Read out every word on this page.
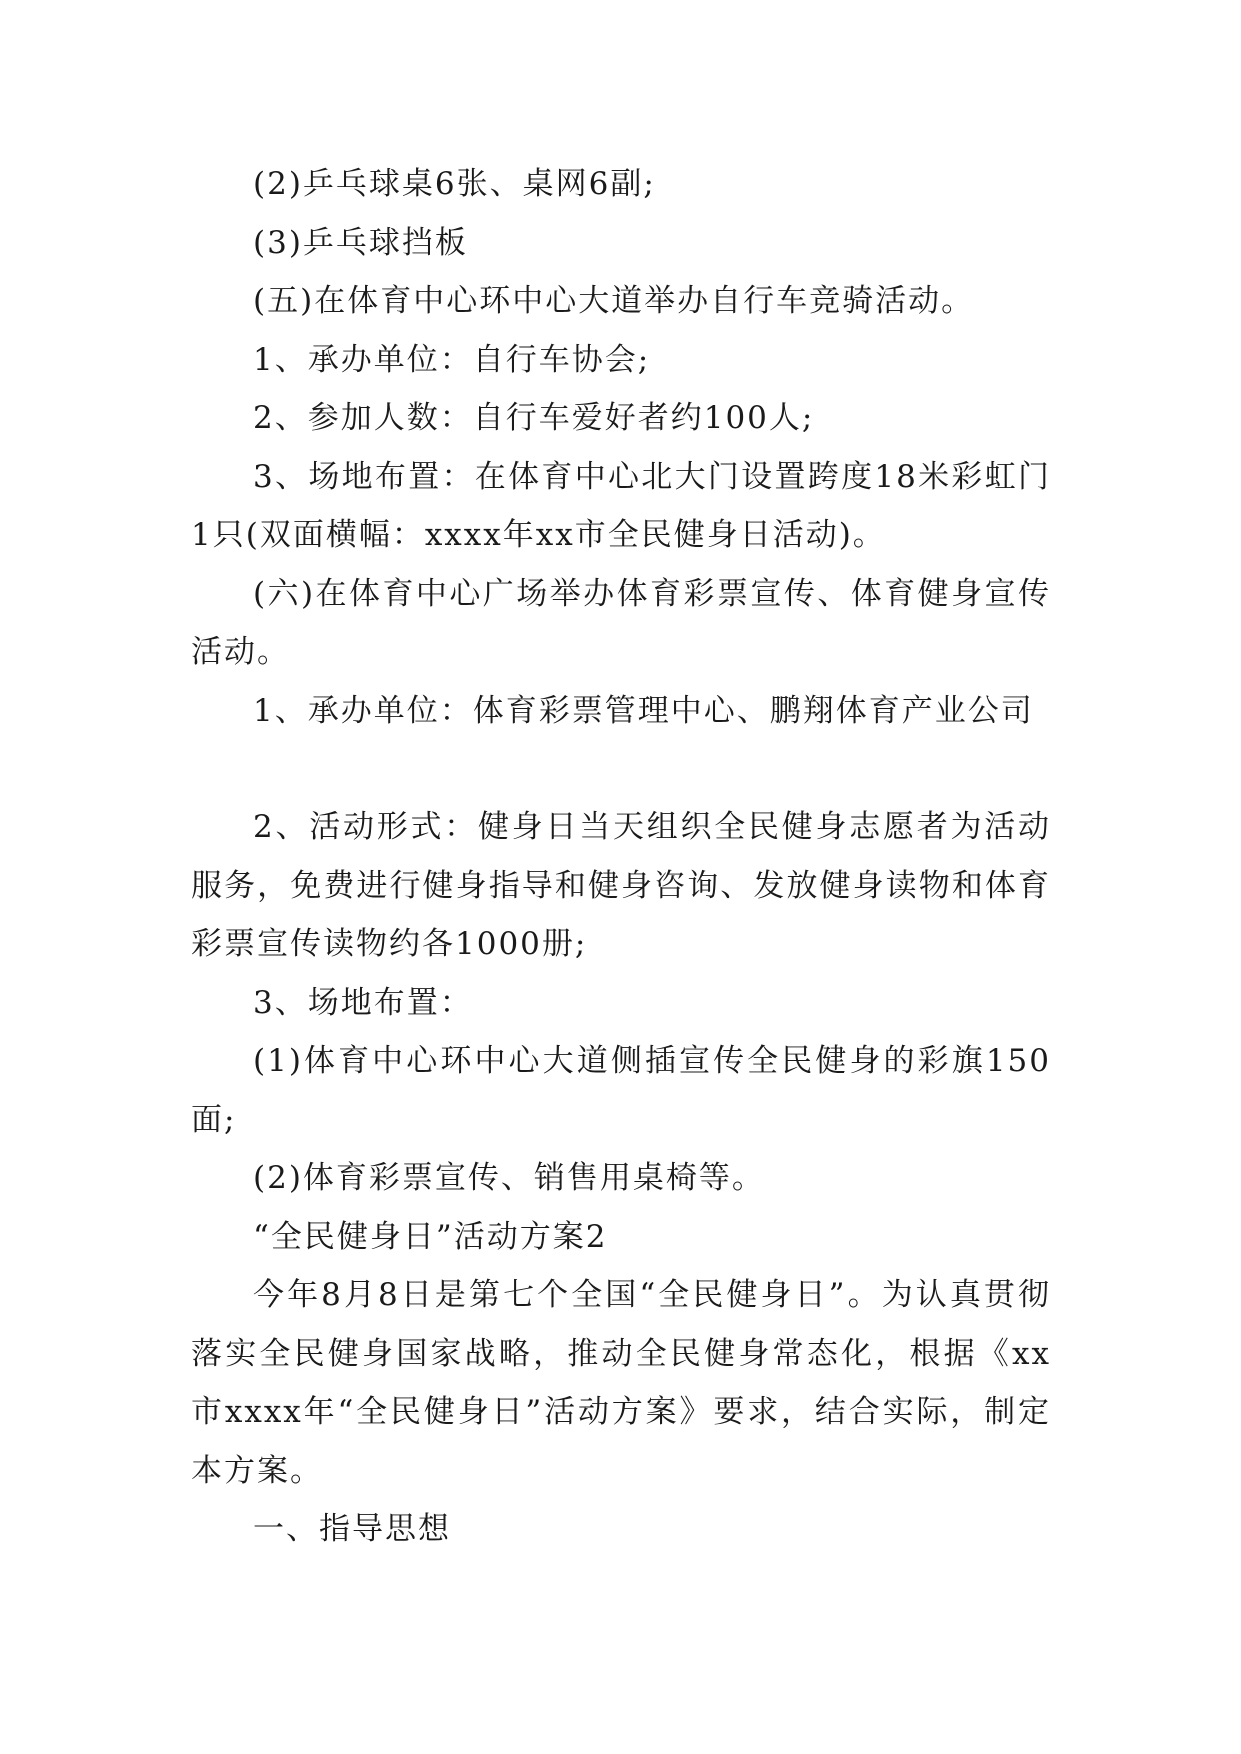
(2)乒乓球桌6张、桌网6副;

(3)乒乓球挡板

(五)在体育中心环中心大道举办自行车竞骑活动。

1、承办单位：自行车协会;

2、参加人数：自行车爱好者约100人;

3、场地布置：在体育中心北大门设置跨度18米彩虹门1只(双面横幅：xxxx年xx市全民健身日活动)。

(六)在体育中心广场举办体育彩票宣传、体育健身宣传活动。

1、承办单位：体育彩票管理中心、鹏翔体育产业公司

2、活动形式：健身日当天组织全民健身志愿者为活动服务，免费进行健身指导和健身咨询、发放健身读物和体育彩票宣传读物约各1000册;

3、场地布置：

(1)体育中心环中心大道侧插宣传全民健身的彩旗150面;

(2)体育彩票宣传、销售用桌椅等。

“全民健身日”活动方案2

今年8月8日是第七个全国“全民健身日”。为认真贯彻落实全民健身国家战略，推动全民健身常态化，根据《xx市xxxx年“全民健身日”活动方案》要求，结合实际，制定本方案。

一、指导思想
